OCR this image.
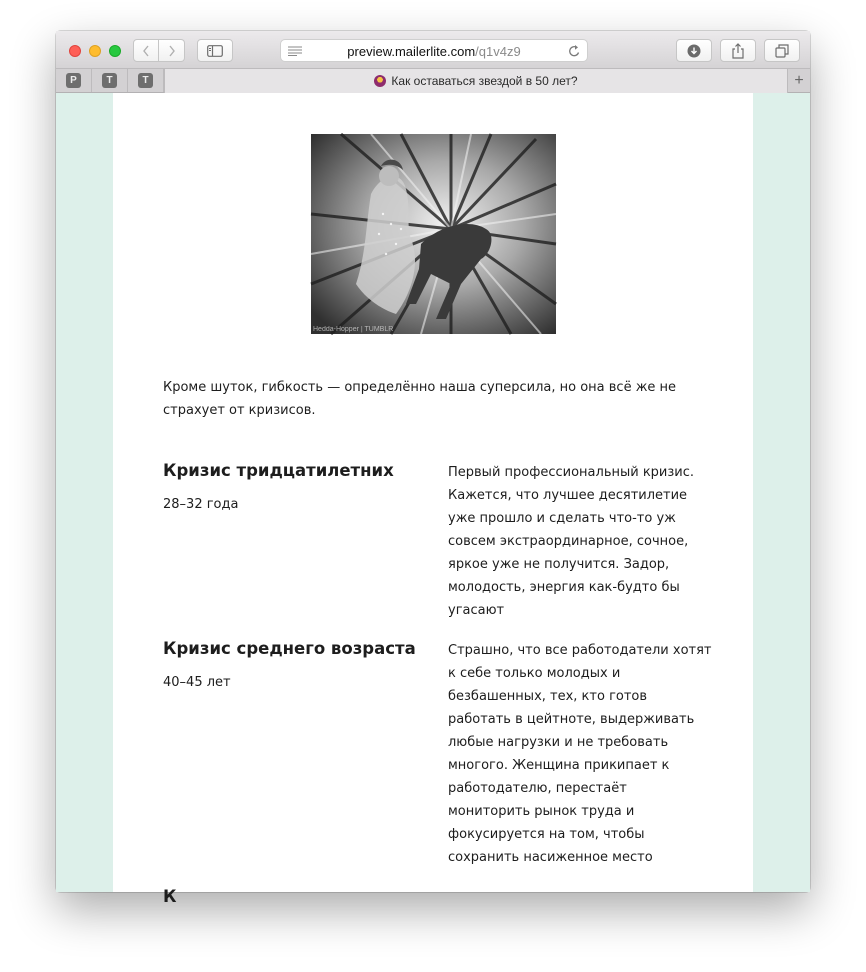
preview.mailerlite.com/q1v4z9
P	T	T	Как оставаться звездой в 50 лет?	+
Hedda-Hopper | TUMBLR

Кроме шуток, гибкость — определённо наша суперсила, но она всё же не страхует от кризисов.

Кризис тридцатилетних
28–32 года

Первый профессиональный кризис. Кажется, что лучшее десятилетие уже прошло и сделать что-то уж совсем экстраординарное, сочное, яркое уже не получится. Задор, молодость, энергия как-будто бы угасают

Кризис среднего возраста
40–45 лет

Страшно, что все работодатели хотят к себе только молодых и безбашенных, тех, кто готов работать в цейтноте, выдерживать любые нагрузки и не требовать многого. Женщина прикипает к работодателю, перестаёт мониторить рынок труда и фокусируется на том, чтобы сохранить насиженное место

К
